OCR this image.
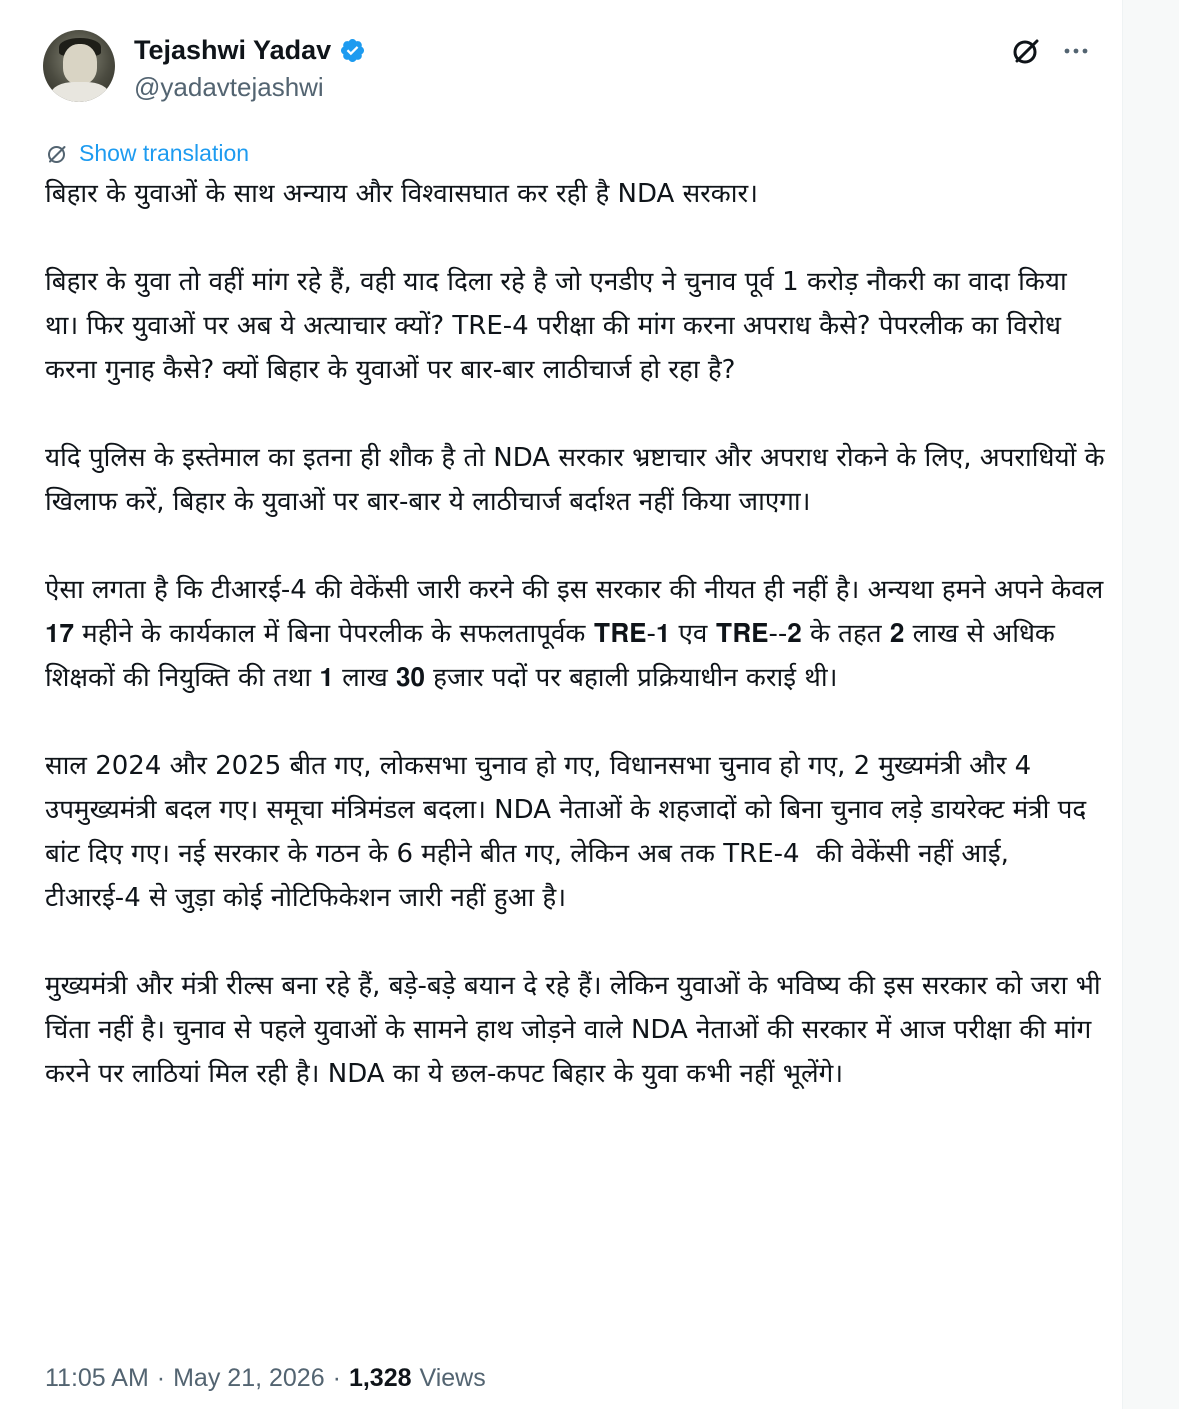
Tejashwi Yadav
@yadavtejashwi
Show translation

बिहार के युवाओं के साथ अन्याय और विश्वासघात कर रही है NDA सरकार।

बिहार के युवा तो वहीं मांग रहे हैं, वही याद दिला रहे है जो एनडीए ने चुनाव पूर्व 1 करोड़ नौकरी का वादा किया था। फिर युवाओं पर अब ये अत्याचार क्यों? TRE-4 परीक्षा की मांग करना अपराध कैसे? पेपरलीक का विरोध करना गुनाह कैसे? क्यों बिहार के युवाओं पर बार-बार लाठीचार्ज हो रहा है?

यदि पुलिस के इस्तेमाल का इतना ही शौक है तो NDA सरकार भ्रष्टाचार और अपराध रोकने के लिए, अपराधियों के खिलाफ करें, बिहार के युवाओं पर बार-बार ये लाठीचार्ज बर्दाश्त नहीं किया जाएगा।

ऐसा लगता है कि टीआरई-4 की वेकेंसी जारी करने की इस सरकार की नीयत ही नहीं है। अन्यथा हमने अपने केवल 𝟏𝟕 महीने के कार्यकाल में बिना पेपरलीक के सफलतापूर्वक 𝐓𝐑𝐄-𝟏 एव 𝐓𝐑𝐄--𝟐 के तहत 𝟐 लाख से अधिक शिक्षकों की नियुक्ति की तथा 𝟏 लाख 𝟑𝟎 हजार पदों पर बहाली प्रक्रियाधीन कराई थी।

साल 2024 और 2025 बीत गए, लोकसभा चुनाव हो गए, विधानसभा चुनाव हो गए, 2 मुख्यमंत्री और 4 उपमुख्यमंत्री बदल गए। समूचा मंत्रिमंडल बदला। NDA नेताओं के शहजादों को बिना चुनाव लड़े डायरेक्ट मंत्री पद बांट दिए गए। नई सरकार के गठन के 6 महीने बीत गए, लेकिन अब तक TRE-4  की वेकेंसी नहीं आई,  टीआरई-4 से जुड़ा कोई नोटिफिकेशन जारी नहीं हुआ है।

मुख्यमंत्री और मंत्री रील्स बना रहे हैं, बड़े-बड़े बयान दे रहे हैं। लेकिन युवाओं के भविष्य की इस सरकार को जरा भी चिंता नहीं है। चुनाव से पहले युवाओं के सामने हाथ जोड़ने वाले NDA नेताओं की सरकार में आज परीक्षा की मांग करने पर लाठियां मिल रही है। NDA का ये छल-कपट बिहार के युवा कभी नहीं भूलेंगे।

11:05 AM · May 21, 2026 · 1,328 Views
